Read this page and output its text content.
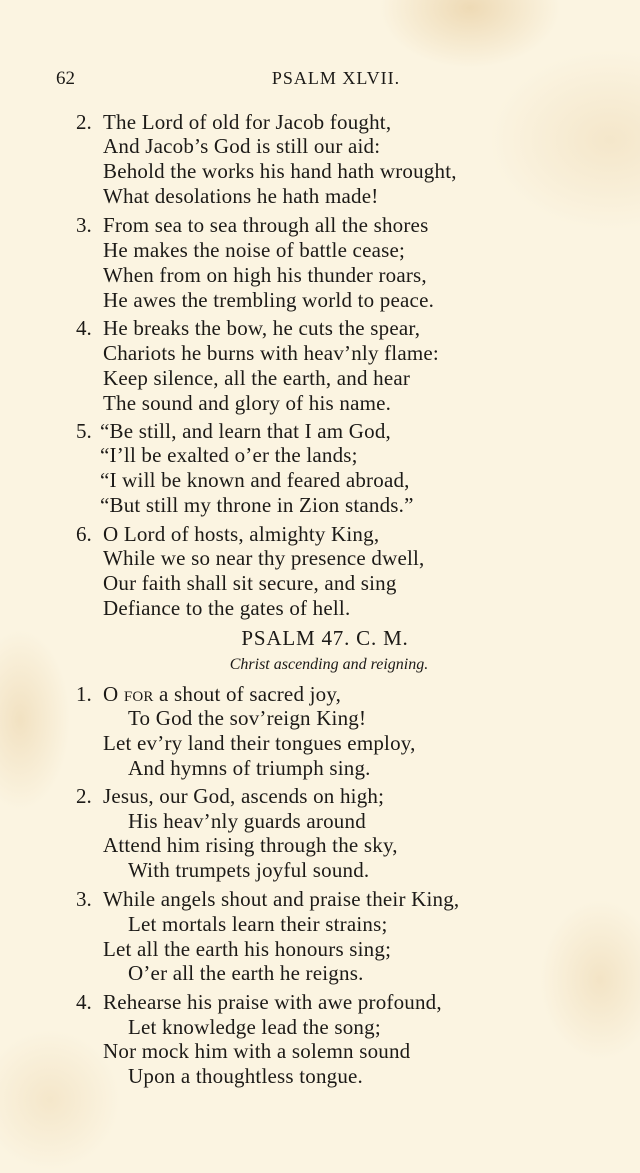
62	PSALM XLVII.
2. The Lord of old for Jacob fought,
And Jacob’s God is still our aid:
Behold the works his hand hath wrought,
What desolations he hath made!
3. From sea to sea through all the shores
He makes the noise of battle cease;
When from on high his thunder roars,
He awes the trembling world to peace.
4. He breaks the bow, he cuts the spear,
Chariots he burns with heav’nly flame:
Keep silence, all the earth, and hear
The sound and glory of his name.
5. “Be still, and learn that I am God,
“I’ll be exalted o’er the lands;
“I will be known and feared abroad,
“But still my throne in Zion stands.”
6. O Lord of hosts, almighty King,
While we so near thy presence dwell,
Our faith shall sit secure, and sing
Defiance to the gates of hell.
PSALM 47. C. M.
Christ ascending and reigning.
1. O for a shout of sacred joy,
To God the sov’reign King!
Let ev’ry land their tongues employ,
And hymns of triumph sing.
2. Jesus, our God, ascends on high;
His heav’nly guards around
Attend him rising through the sky,
With trumpets joyful sound.
3. While angels shout and praise their King,
Let mortals learn their strains;
Let all the earth his honours sing;
O’er all the earth he reigns.
4. Rehearse his praise with awe profound,
Let knowledge lead the song;
Nor mock him with a solemn sound
Upon a thoughtless tongue.
